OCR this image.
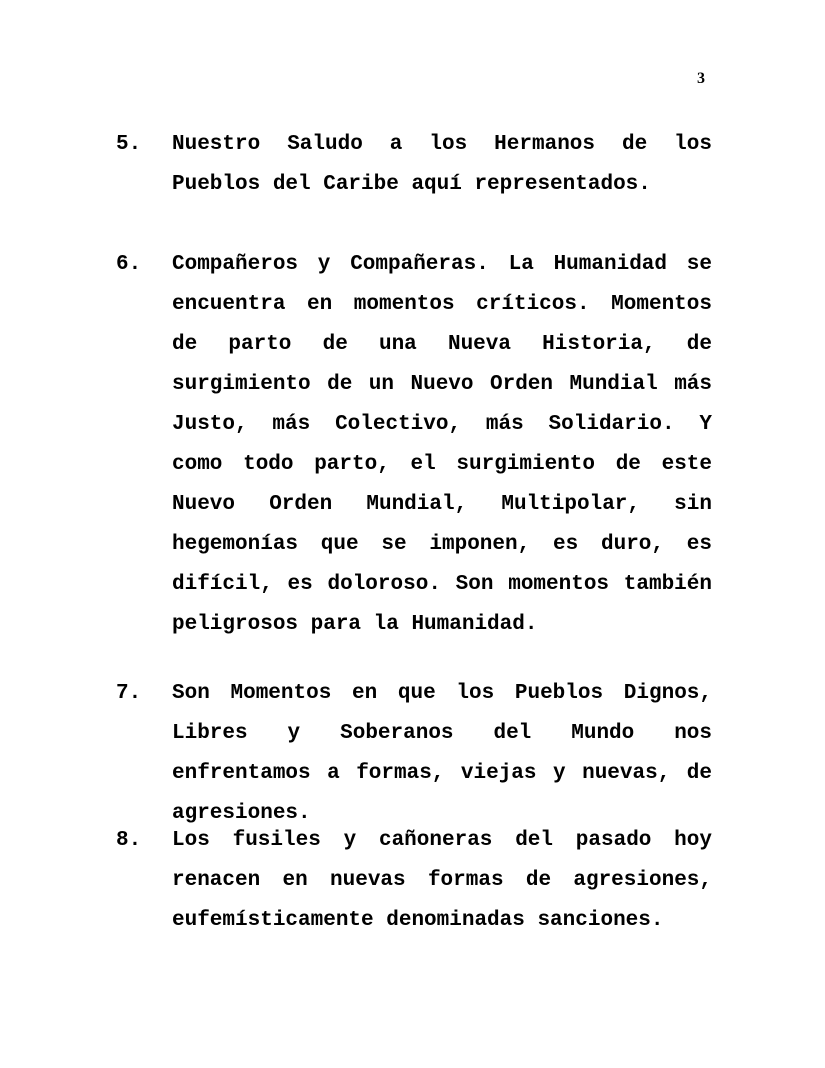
3
5.	Nuestro Saludo a los Hermanos de los Pueblos del Caribe aquí representados.
6.	Compañeros y Compañeras. La Humanidad se encuentra en momentos críticos. Momentos de parto de una Nueva Historia, de surgimiento de un Nuevo Orden Mundial más Justo, más Colectivo, más Solidario. Y como todo parto, el surgimiento de este Nuevo Orden Mundial, Multipolar, sin hegemonías que se imponen, es duro, es difícil, es doloroso. Son momentos también peligrosos para la Humanidad.
7.	Son Momentos en que los Pueblos Dignos, Libres y Soberanos del Mundo nos enfrentamos a formas, viejas y nuevas, de agresiones.
8.	Los fusiles y cañoneras del pasado hoy renacen en nuevas formas de agresiones, eufemísticamente denominadas sanciones.
